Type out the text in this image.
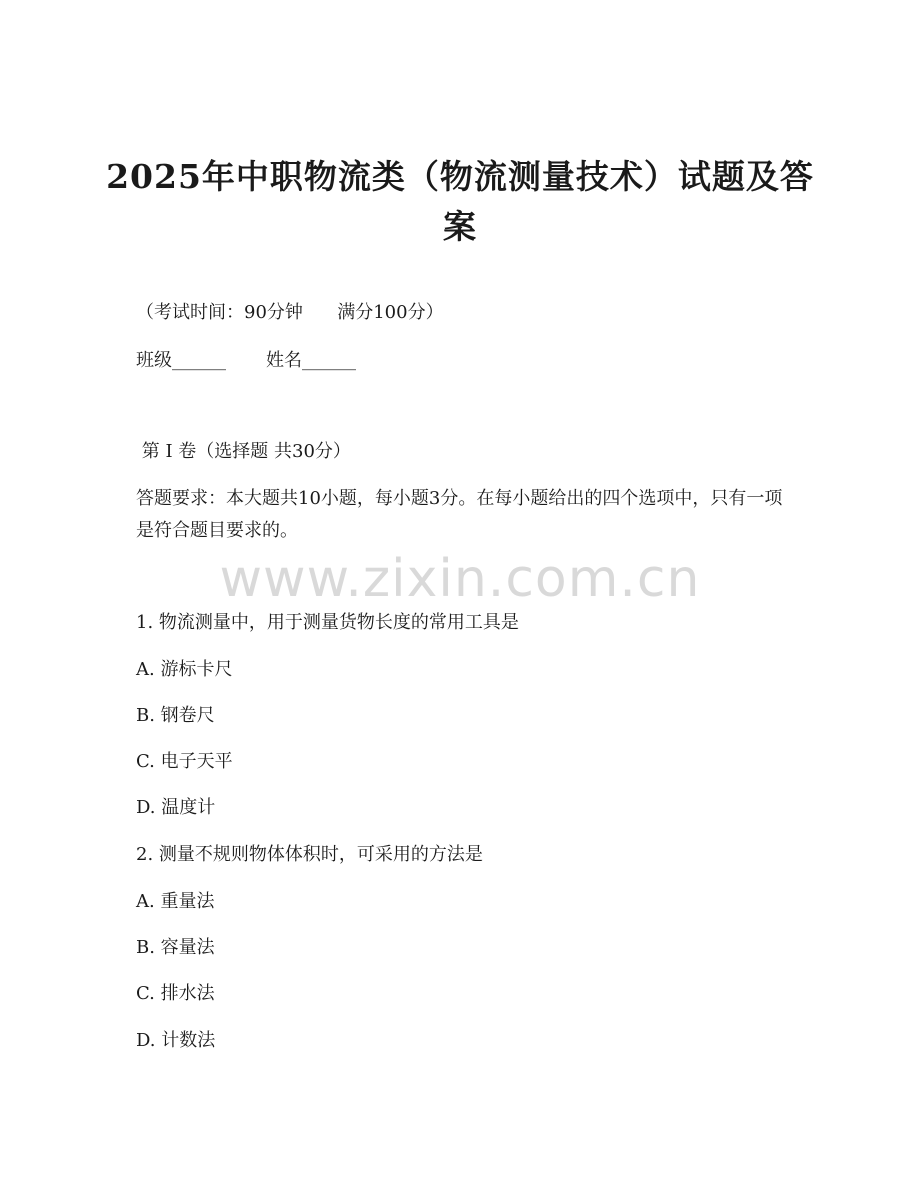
2025年中职物流类（物流测量技术）试题及答案
（考试时间：90分钟      满分100分）
班级______       姓名______
第 I 卷（选择题 共30分）
答题要求：本大题共10小题，每小题3分。在每小题给出的四个选项中，只有一项是符合题目要求的。
www.zixin.com.cn
1. 物流测量中，用于测量货物长度的常用工具是
A. 游标卡尺
B. 钢卷尺
C. 电子天平
D. 温度计
2. 测量不规则物体体积时，可采用的方法是
A. 重量法
B. 容量法
C. 排水法
D. 计数法
